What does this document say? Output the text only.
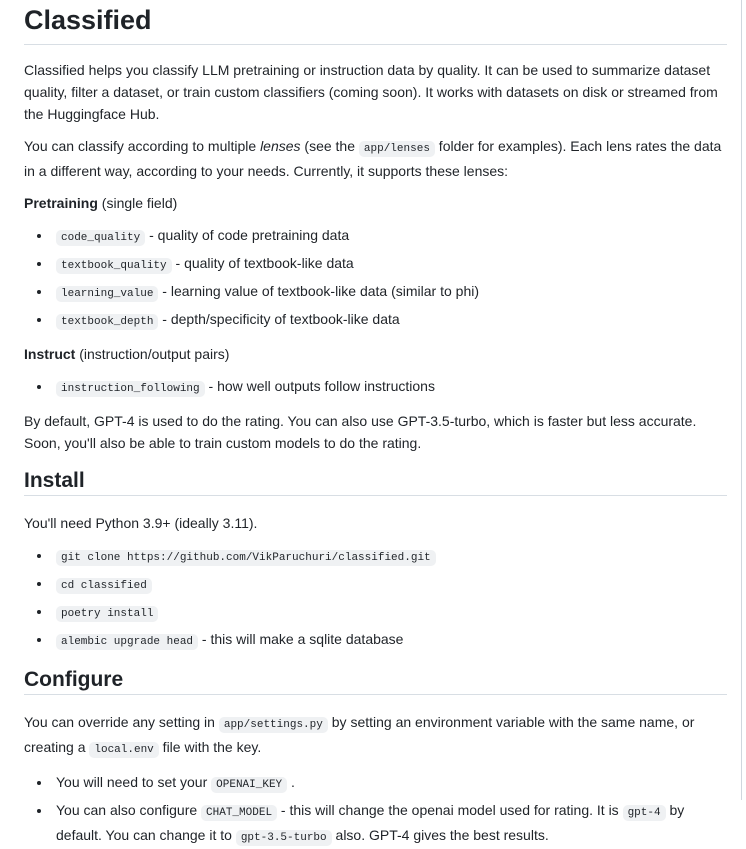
Classified

Classified helps you classify LLM pretraining or instruction data by quality. It can be used to summarize dataset quality, filter a dataset, or train custom classifiers (coming soon). It works with datasets on disk or streamed from the Huggingface Hub.

You can classify according to multiple lenses (see the app/lenses folder for examples). Each lens rates the data in a different way, according to your needs. Currently, it supports these lenses:

Pretraining (single field)

• code_quality - quality of code pretraining data
• textbook_quality - quality of textbook-like data
• learning_value - learning value of textbook-like data (similar to phi)
• textbook_depth - depth/specificity of textbook-like data

Instruct (instruction/output pairs)

• instruction_following - how well outputs follow instructions

By default, GPT-4 is used to do the rating. You can also use GPT-3.5-turbo, which is faster but less accurate. Soon, you'll also be able to train custom models to do the rating.

Install

You'll need Python 3.9+ (ideally 3.11).

• git clone https://github.com/VikParuchuri/classified.git
• cd classified
• poetry install
• alembic upgrade head - this will make a sqlite database
Configure

You can override any setting in app/settings.py by setting an environment variable with the same name, or creating a local.env file with the key.

• You will need to set your OPENAI_KEY .
• You can also configure CHAT_MODEL - this will change the openai model used for rating. It is gpt-4 by default. You can change it to gpt-3.5-turbo also. GPT-4 gives the best results.
